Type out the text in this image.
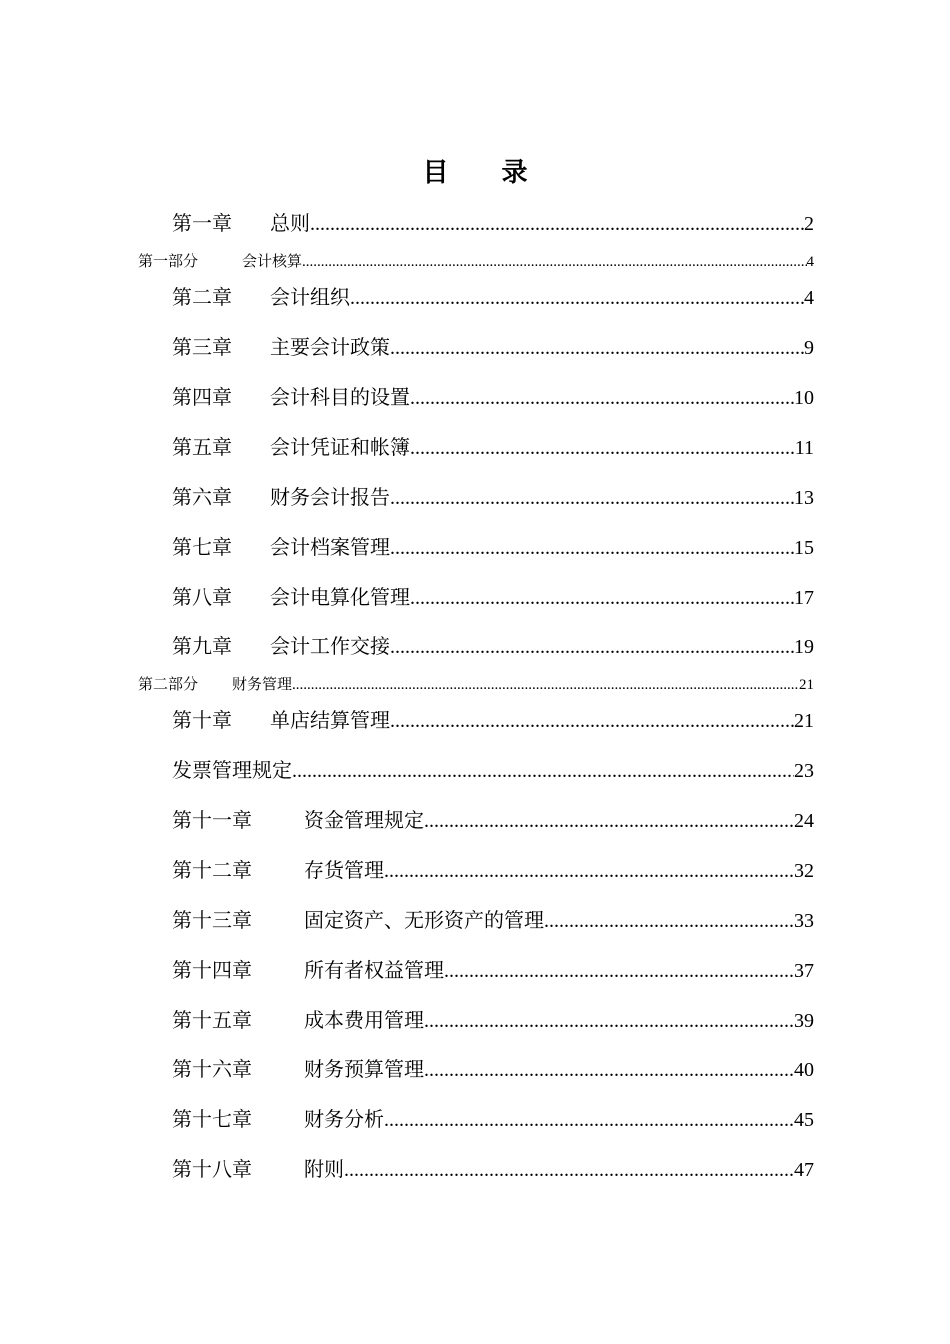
目 录
第一章	总则 .....	2
第一部分	会计核算 .....	4
第二章	会计组织 .....	4
第三章	主要会计政策 .....	9
第四章	会计科目的设置 .....	10
第五章	会计凭证和帐簿 .....	11
第六章	财务会计报告 .....	13
第七章	会计档案管理 .....	15
第八章	会计电算化管理 .....	17
第九章	会计工作交接 .....	19
第二部分	财务管理 .....	21
第十章	单店结算管理 .....	21
发票管理规定 .....	23
第十一章	资金管理规定 .....	24
第十二章	存货管理 .....	32
第十三章	固定资产、无形资产的管理 .....	33
第十四章	所有者权益管理 .....	37
第十五章	成本费用管理 .....	39
第十六章	财务预算管理 .....	40
第十七章	财务分析 .....	45
第十八章	附则 .....	47
